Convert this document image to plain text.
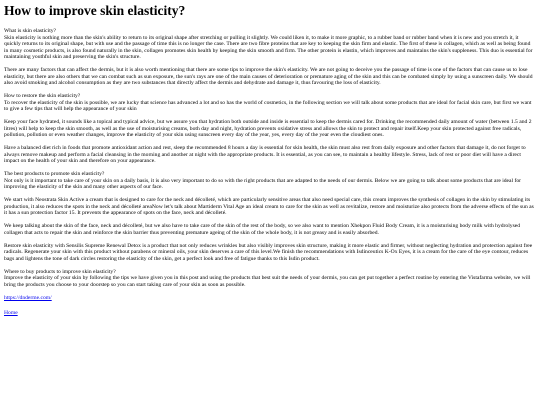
How to improve skin elasticity?

What is skin elasticity?
Skin elasticity is nothing more than the skin's ability to return to its original shape after stretching or pulling it slightly. We could liken it, to make it more graphic, to a rubber band or rubber band when it is new and you stretch it, it quickly returns to its original shape, but with use and the passage of time this is no longer the case. There are two fibre proteins that are key to keeping the skin firm and elastic. The first of these is collagen, which as well as being found in many cosmetic products, is also found naturally in the skin, collagen promotes skin health by keeping the skin smooth and firm. The other protein is elastin, which improves and maintains the skin's suppleness. This duo is essential for maintaining youthful skin and preserving the skin's structure.

There are many factors that can affect the dermis, but it is also worth mentioning that there are some tips to improve the skin's elasticity. We are not going to deceive you the passage of time is one of the factors that can cause us to lose elasticity, but there are also others that we can combat such as sun exposure, the sun's rays are one of the main causes of deterioration or premature aging of the skin and this can be combated simply by using a sunscreen daily. We should also avoid smoking and alcohol consumption as they are two substances that directly affect the dermis and dehydrate and damage it, thus favouring the loss of elasticity.

How to restore the skin elasticity?
To recover the elasticity of the skin is possible, we are lucky that science has advanced a lot and so has the world of cosmetics, in the following section we will talk about some products that are ideal for facial skin care, but first we want to give a few tips that will help the appearance of your skin

Keep your face hydrated, it sounds like a topical and typical advice, but we assure you that hydration both outside and inside is essential to keep the dermis cared for. Drinking the recommended daily amount of water (between 1.5 and 2 litres) will help to keep the skin smooth, as well as the use of moisturising creams, both day and night, hydration prevents oxidative stress and allows the skin to protect and repair itself.Keep your skin protected against free radicals, pollution, pollution or even weather changes, improve the elasticity of your skin using sunscreen every day of the year, yes, every day of the year even the cloudiest ones.

Have a balanced diet rich in foods that promote antioxidant action and rest, sleep the recommended 8 hours a day is essential for skin health, the skin must also rest from daily exposure and other factors that damage it, do not forget to always remove makeup and perform a facial cleansing in the morning and another at night with the appropriate products. It is essential, as you can see, to maintain a healthy lifestyle. Stress, lack of rest or poor diet will have a direct impact on the health of your skin and therefore on your appearance.

The best products to promote skin elasticity?
Not only is it important to take care of your skin on a daily basis, it is also very important to do so with the right products that are adapted to the needs of our dermis. Below we are going to talk about some products that are ideal for improving the elasticity of the skin and many other aspects of our face.

We start with Neostrata Skin Active a cream that is designed to care for the neck and décolleté, which are particularly sensitive areas that also need special care, this cream improves the synthesis of collagen in the skin by stimulating its production, it also reduces the spots in the neck and décolleté areaNow let's talk about Martiderm Vital Age an ideal cream to care for the skin as well as revitalize, restore and moisturize also protects from the adverse effects of the sun as it has a sun protection factor 15. It prevents the appearance of spots on the face, neck and décolleté.

We keep talking about the skin of the face, neck and décolleté, but we also have to take care of the skin of the rest of the body, so we also want to mention Xhekpon Fluid Body Cream, it is a moisturising body milk with hydrolysed collagen that acts to repair the skin and reinforce the skin barrier thus preventing premature ageing of the skin of the whole body, it is not greasy and is easily absorbed.

Restore skin elasticity with Sensilis Supreme Renewal Detox is a product that not only reduces wrinkles but also visibly improves skin structure, making it more elastic and firmer, without neglecting hydration and protection against free radicals. Regenerate your skin with this product without parabens or mineral oils, your skin deserves a care of this level.We finish the recommendations with Isdinceutics K-Ox Eyes, it is a cream for the care of the eye contour, reduces bags and lightens the tone of dark circles restoring the elasticity of the skin, get a perfect look and free of fatigue thanks to this Isdin product.

Where to buy products to improve skin elasticity?
Improve the elasticity of your skin by following the tips we have given you in this post and using the products that best suit the needs of your dermis, you can get put together a perfect routine by entering the Vistafarma website, we will bring the products you choose to your doorstep so you can start taking care of your skin as soon as possible.

https://dnderme.com/

Home
